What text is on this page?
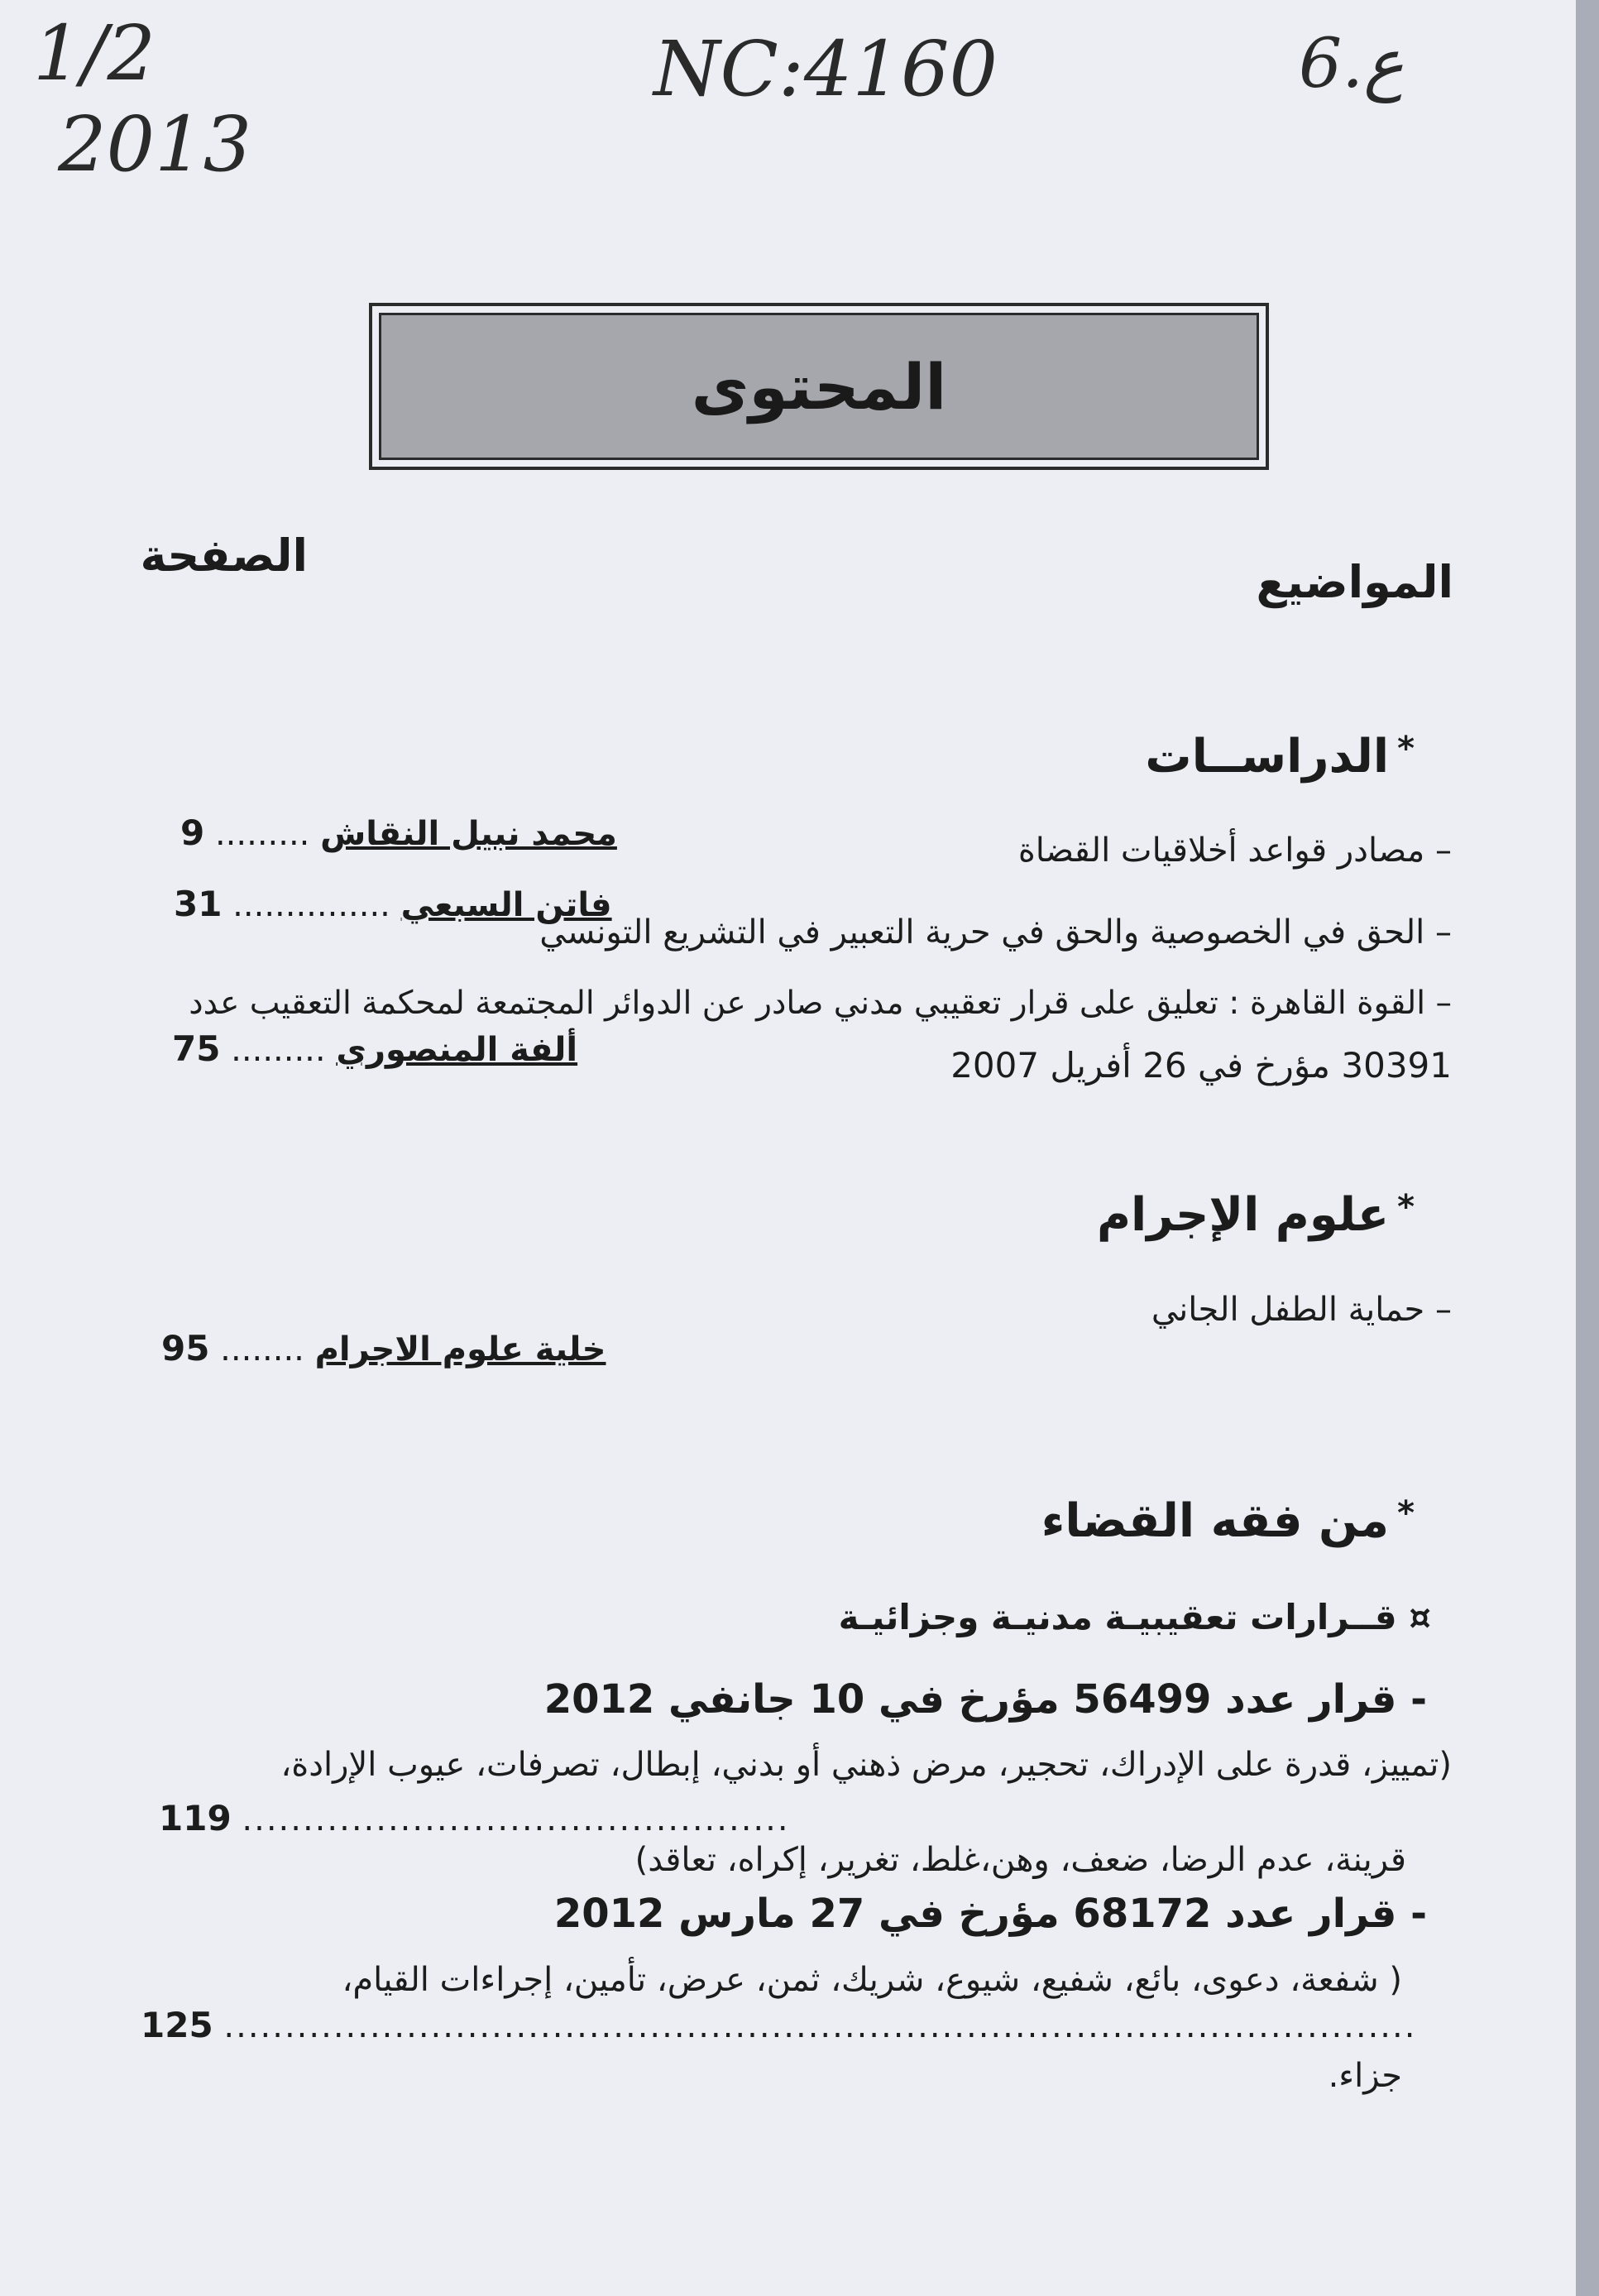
1/2
2013
NC:4160	ع.6
المحتوى
المواضيع
الصفحة
*الدراســات
– مصادر قواعد أخلاقيات القضاة
محمد نبيل النقاش ......... 9
– الحق في الخصوصية والحق في حرية التعبير في التشريع التونسي
فاتن السبعي ............... 31
– القوة القاهرة : تعليق على قرار تعقيبي مدني صادر عن الدوائر المجتمعة لمحكمة التعقيب عدد
30391 مؤرخ في 26 أفريل 2007
ألفة المنصوري ......... 75
*علوم الإجرام
– حماية الطفل الجاني
خلية علوم الاجرام ........ 95
*من فقه القضاء
¤ قــرارات تعقيبيـة مدنيـة وجزائيـة
- قرار عدد 56499 مؤرخ في 10 جانفي 2012
(تمييز، قدرة على الإدراك، تحجير، مرض ذهني أو بدني، إبطال، تصرفات، عيوب الإرادة،
قرينة، عدم الرضا، ضعف، وهن،غلط، تغرير، إكراه، تعاقد)
............................................. 119
- قرار عدد 68172 مؤرخ في 27 مارس 2012
( شفعة، دعوى، بائع، شفيع، شيوع، شريك، ثمن، عرض، تأمين، إجراءات القيام،
جزاء.
.................................................................................................. 125
